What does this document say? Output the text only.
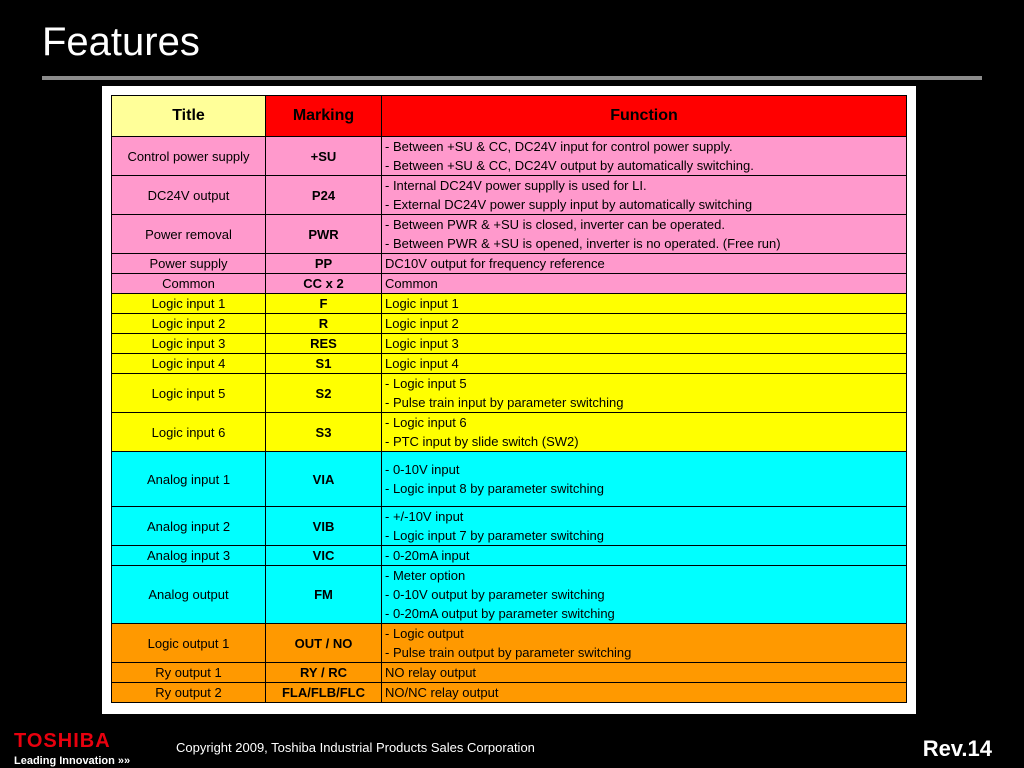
Features
Title	Marking	Function
Control power supply	+SU	- Between +SU & CC, DC24V input for control power supply.
- Between +SU & CC, DC24V output by automatically switching.

DC24V output	P24	- Internal DC24V power supplly is used for LI.
- External DC24V power supply input by automatically switching

Power removal	PWR	- Between PWR & +SU is closed, inverter can be operated.
- Between PWR & +SU is opened, inverter is no operated. (Free run)

Power supply	PP	DC10V output for frequency reference

Common	CC x 2	Common

Logic input 1	F	Logic input 1

Logic input 2	R	Logic input 2

Logic input 3	RES	Logic input 3

Logic input 4	S1	Logic input 4

Logic input 5	S2	- Logic input 5
- Pulse train input by parameter switching

Logic input 6	S3	- Logic input 6
- PTC input by slide switch (SW2)

Analog input 1	VIA	- 0-10V input
- Logic input 8 by parameter switching

Analog input 2	VIB	- +/-10V input
- Logic input 7 by parameter switching

Analog input 3	VIC	- 0-20mA input

Analog output	FM	- Meter option
- 0-10V output by parameter switching
- 0-20mA output by parameter switching

Logic output 1	OUT / NO	- Logic output
- Pulse train output by parameter switching

Ry output 1	RY / RC	NO relay output

Ry output 2	FLA/FLB/FLC	NO/NC relay output
TOSHIBA
Leading Innovation »»
Copyright 2009, Toshiba Industrial Products Sales Corporation	Rev.14
